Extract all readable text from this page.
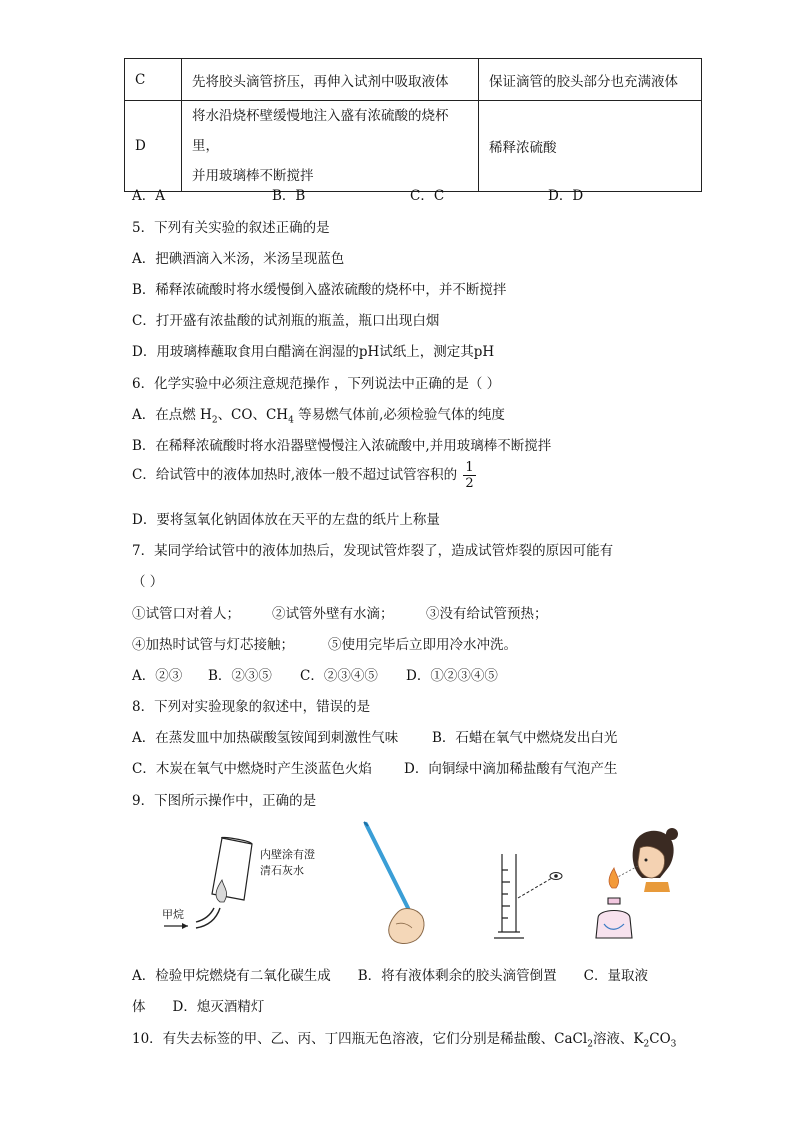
C	先将胶头滴管挤压，再伸入试剂中吸取液体	保证滴管的胶头部分也充满液体
D	将水沿烧杯壁缓慢地注入盛有浓硫酸的烧杯里，
并用玻璃棒不断搅拌	稀释浓硫酸
A．A	B．B	C．C	D．D
5．下列有关实验的叙述正确的是
A．把碘酒滴入米汤，米汤呈现蓝色
B．稀释浓硫酸时将水缓慢倒入盛浓硫酸的烧杯中，并不断搅拌
C．打开盛有浓盐酸的试剂瓶的瓶盖，瓶口出现白烟
D．用玻璃棒蘸取食用白醋滴在润湿的pH试纸上，测定其pH
6．化学实验中必须注意规范操作 ，下列说法中正确的是（ ）
A．在点燃 $H_2$、CO、$CH_4$ 等易燃气体前,必须检验气体的纯度
B．在稀释浓硫酸时将水沿器壁慢慢注入浓硫酸中,并用玻璃棒不断搅拌
C．给试管中的液体加热时,液体一般不超过试管容积的 $\frac{1}{2}$
D．要将氢氧化钠固体放在天平的左盘的纸片上称量
7．某同学给试管中的液体加热后，发现试管炸裂了，造成试管炸裂的原因可能有
（ ）
①试管口对着人； ②试管外壁有水滴； ③没有给试管预热；
④加热时试管与灯芯接触；	⑤使用完毕后立即用冷水冲洗。
A．②③ B．②③⑤ C．②③④⑤ D．①②③④⑤
8．下列对实验现象的叙述中，错误的是
A．在蒸发皿中加热碳酸氢铵闻到刺激性气味	B．石蜡在氧气中燃烧发出白光
C．木炭在氧气中燃烧时产生淡蓝色火焰 D．向铜绿中滴加稀盐酸有气泡产生
9．下图所示操作中，正确的是
内壁涂有澄
清石灰水
甲烷
A．检验甲烷燃烧有二氧化碳生成　　B．将有液体剩余的胶头滴管倒置　　C．量取液
体　　D．熄灭酒精灯
10．有失去标签的甲、乙、丙、丁四瓶无色溶液，它们分别是稀盐酸、CaCl$_2$溶液、$K_2CO_3$
